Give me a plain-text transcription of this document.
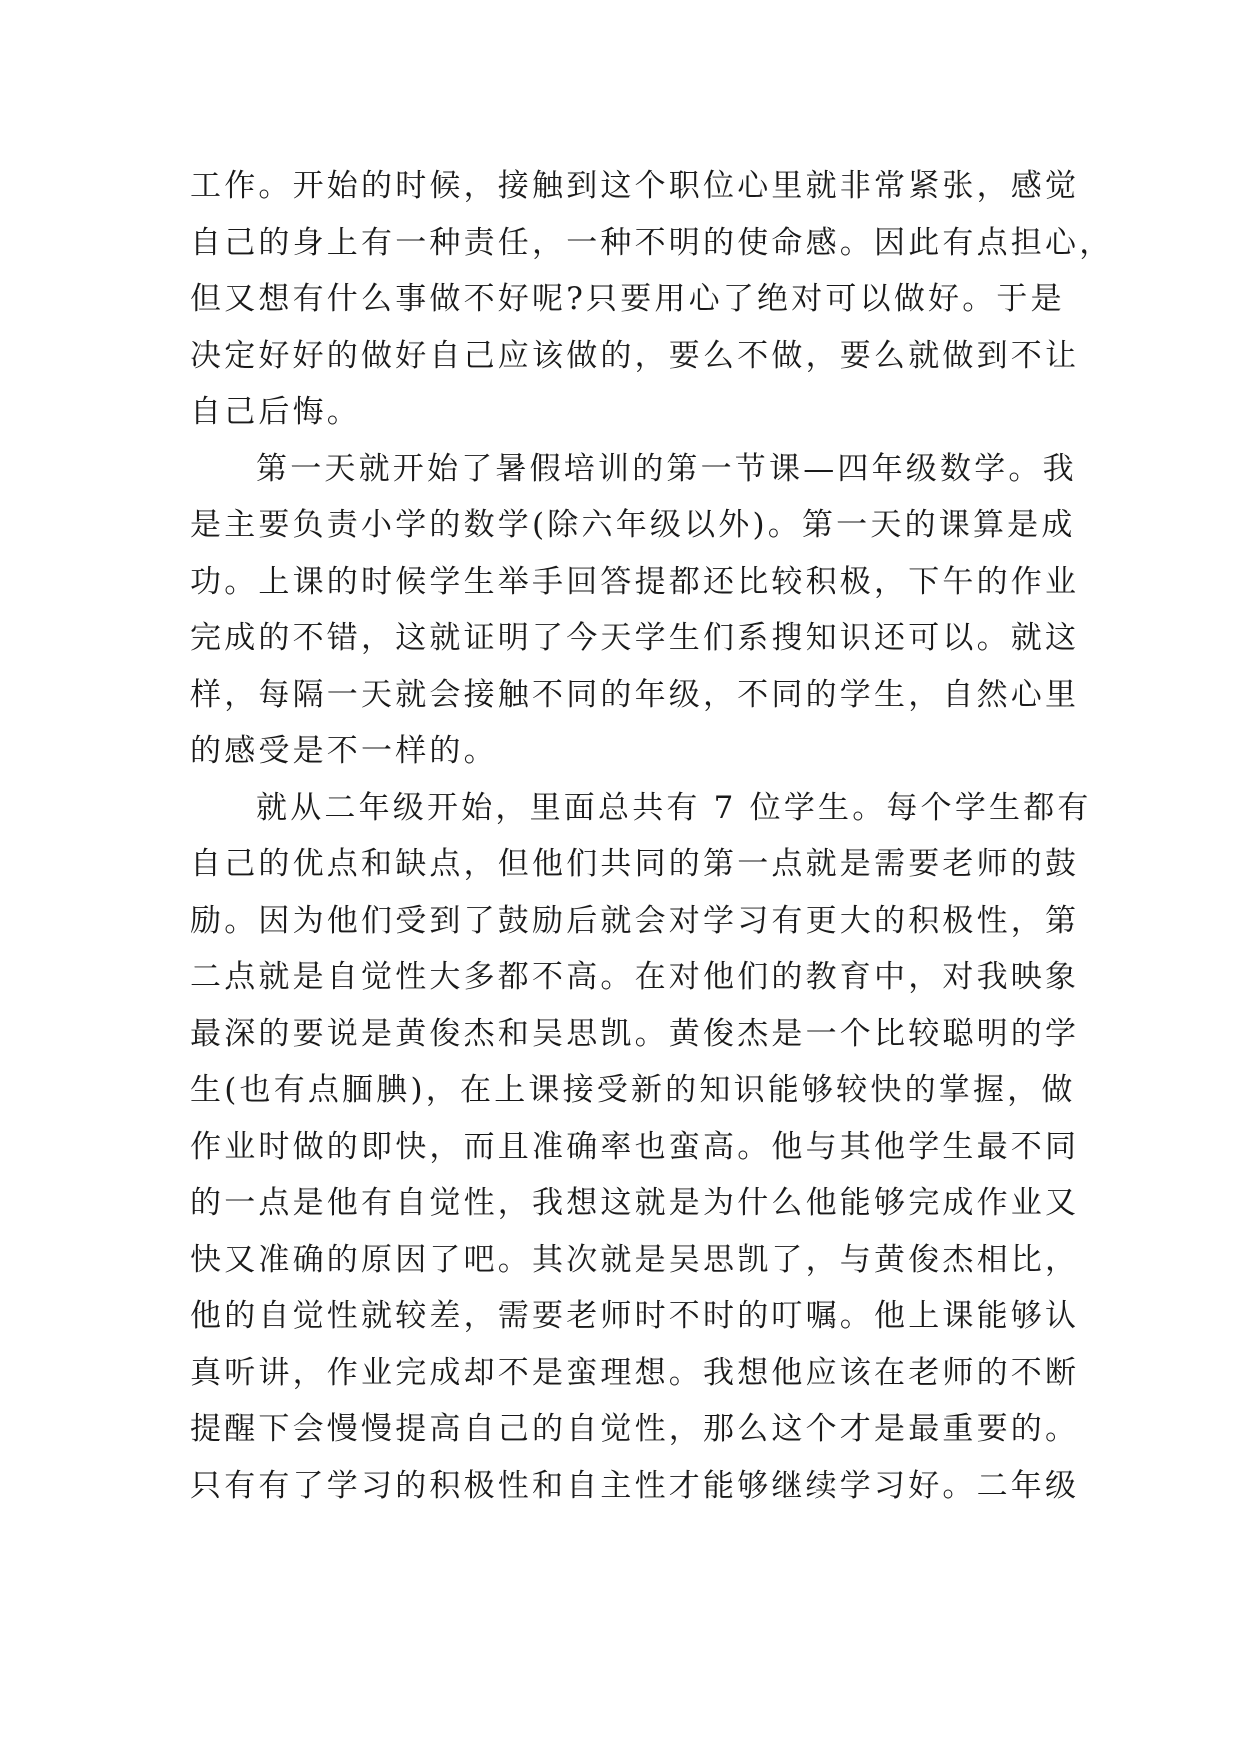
工作。开始的时候，接触到这个职位心里就非常紧张，感觉
自己的身上有一种责任，一种不明的使命感。因此有点担心，
但又想有什么事做不好呢?只要用心了绝对可以做好。于是
决定好好的做好自己应该做的，要么不做，要么就做到不让
自己后悔。
第一天就开始了暑假培训的第一节课—四年级数学。我
是主要负责小学的数学(除六年级以外)。第一天的课算是成
功。上课的时候学生举手回答提都还比较积极，下午的作业
完成的不错，这就证明了今天学生们系搜知识还可以。就这
样，每隔一天就会接触不同的年级，不同的学生，自然心里
的感受是不一样的。
就从二年级开始，里面总共有 7 位学生。每个学生都有
自己的优点和缺点，但他们共同的第一点就是需要老师的鼓
励。因为他们受到了鼓励后就会对学习有更大的积极性，第
二点就是自觉性大多都不高。在对他们的教育中，对我映象
最深的要说是黄俊杰和吴思凯。黄俊杰是一个比较聪明的学
生(也有点腼腆)，在上课接受新的知识能够较快的掌握，做
作业时做的即快，而且准确率也蛮高。他与其他学生最不同
的一点是他有自觉性，我想这就是为什么他能够完成作业又
快又准确的原因了吧。其次就是吴思凯了，与黄俊杰相比，
他的自觉性就较差，需要老师时不时的叮嘱。他上课能够认
真听讲，作业完成却不是蛮理想。我想他应该在老师的不断
提醒下会慢慢提高自己的自觉性，那么这个才是最重要的。
只有有了学习的积极性和自主性才能够继续学习好。二年级
